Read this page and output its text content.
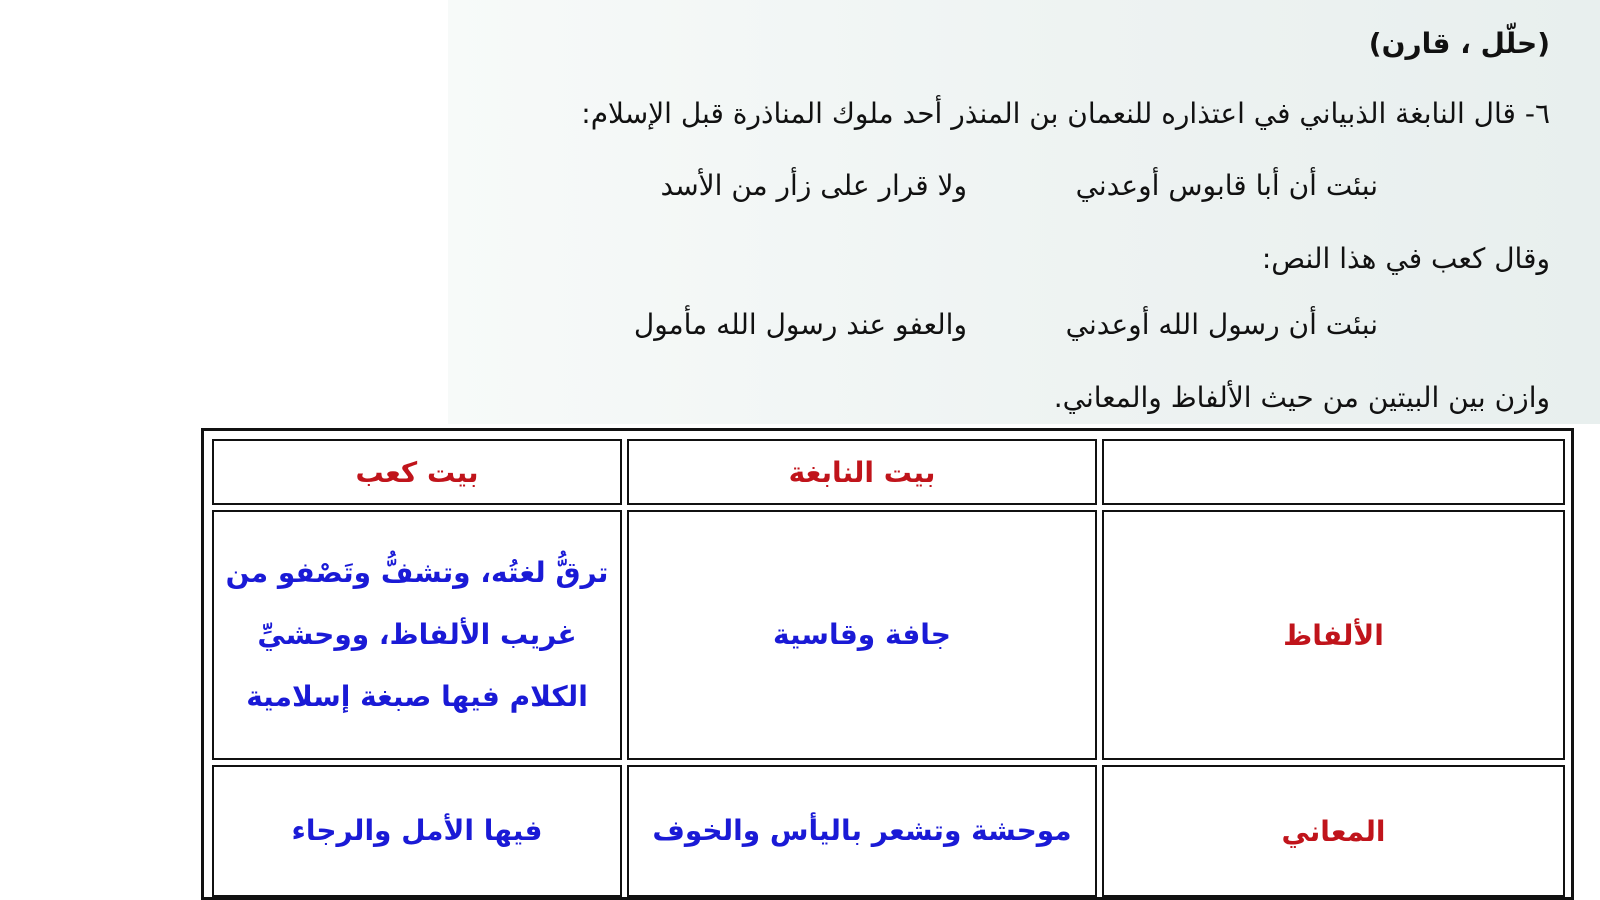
(حلّل ، قارن)
٦- قال النابغة الذبياني في اعتذاره للنعمان بن المنذر أحد ملوك المناذرة قبل الإسلام:
نبئت أن أبا قابوس أوعدني
ولا قرار على زأر من الأسد
وقال كعب في هذا النص:
نبئت أن رسول الله أوعدني
والعفو عند رسول الله مأمول
وازن بين البيتين من حيث الألفاظ والمعاني.
	بيت النابغة	بيت كعب
الألفاظ	جافة وقاسية	ترقُّ لغتُه، وتشفُّ وتَصْفو من غريب الألفاظ، ووحشيِّ الكلام فيها صبغة إسلامية
المعاني	موحشة وتشعر باليأس والخوف	فيها الأمل والرجاء
